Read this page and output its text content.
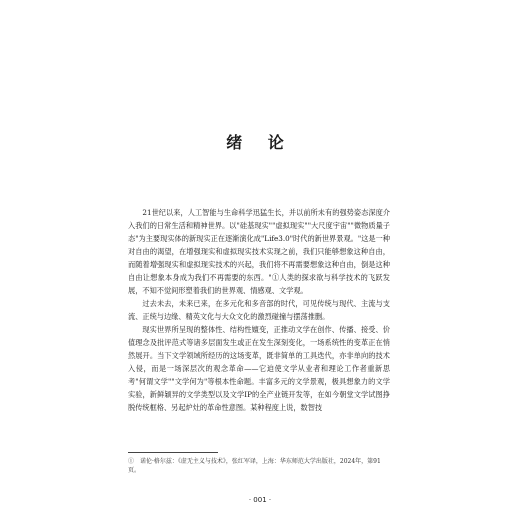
绪 论

21世纪以来，人工智能与生命科学迅猛生长，并以前所未有的强势姿态深度介入我们的日常生活和精神世界。以"硅基现实""虚拟现实""大尺度宇宙""微物质量子态"为主要现实体的新现实正在逐渐演化成"Life3.0"时代的新世界景观。"这是一种对自由的渴望，在增强现实和虚拟现实技术实现之前，我们只能够想象这种自由，而随着增强现实和虚拟现实技术的兴起，我们将不再需要想象这种自由，倒是这种自由让想象本身成为我们不再需要的东西。"①人类的探求欲与科学技术的飞跃发展，不知不觉间形塑着我们的世界观、情感观、文学观。

过去未去，未来已来，在多元化和多音部的时代，可见传统与现代、主流与支流、正统与边缘、精英文化与大众文化的激烈碰撞与摆荡推删。

现实世界所呈现的整体性、结构性嬗变，正推动文学在创作、传播、接受、价值理念及批评范式等诸多层面发生或正在发生深刻变化，一场系统性的变革正在悄然展开。当下文学领域所经历的这场变革，既非简单的工具迭代，亦非单向的技术入侵，而是一场深层次的观念革命——它迫使文学从业者和理论工作者重新思考"何谓文学""文学何为"等根本性命题。丰富多元的文学景观，极具想象力的文学实验，新鲜颖异的文学类型以及文学IP的全产业链开发等，在如今朝堂文学试图挣脱传统框格、另起炉灶的革命性意图。某种程度上说，数智技

①　诺伦·格尔兹：《虚无主义与技术》，张红军译，上海：华东师范大学出版社，2024年，第91页。
· 001 ·
